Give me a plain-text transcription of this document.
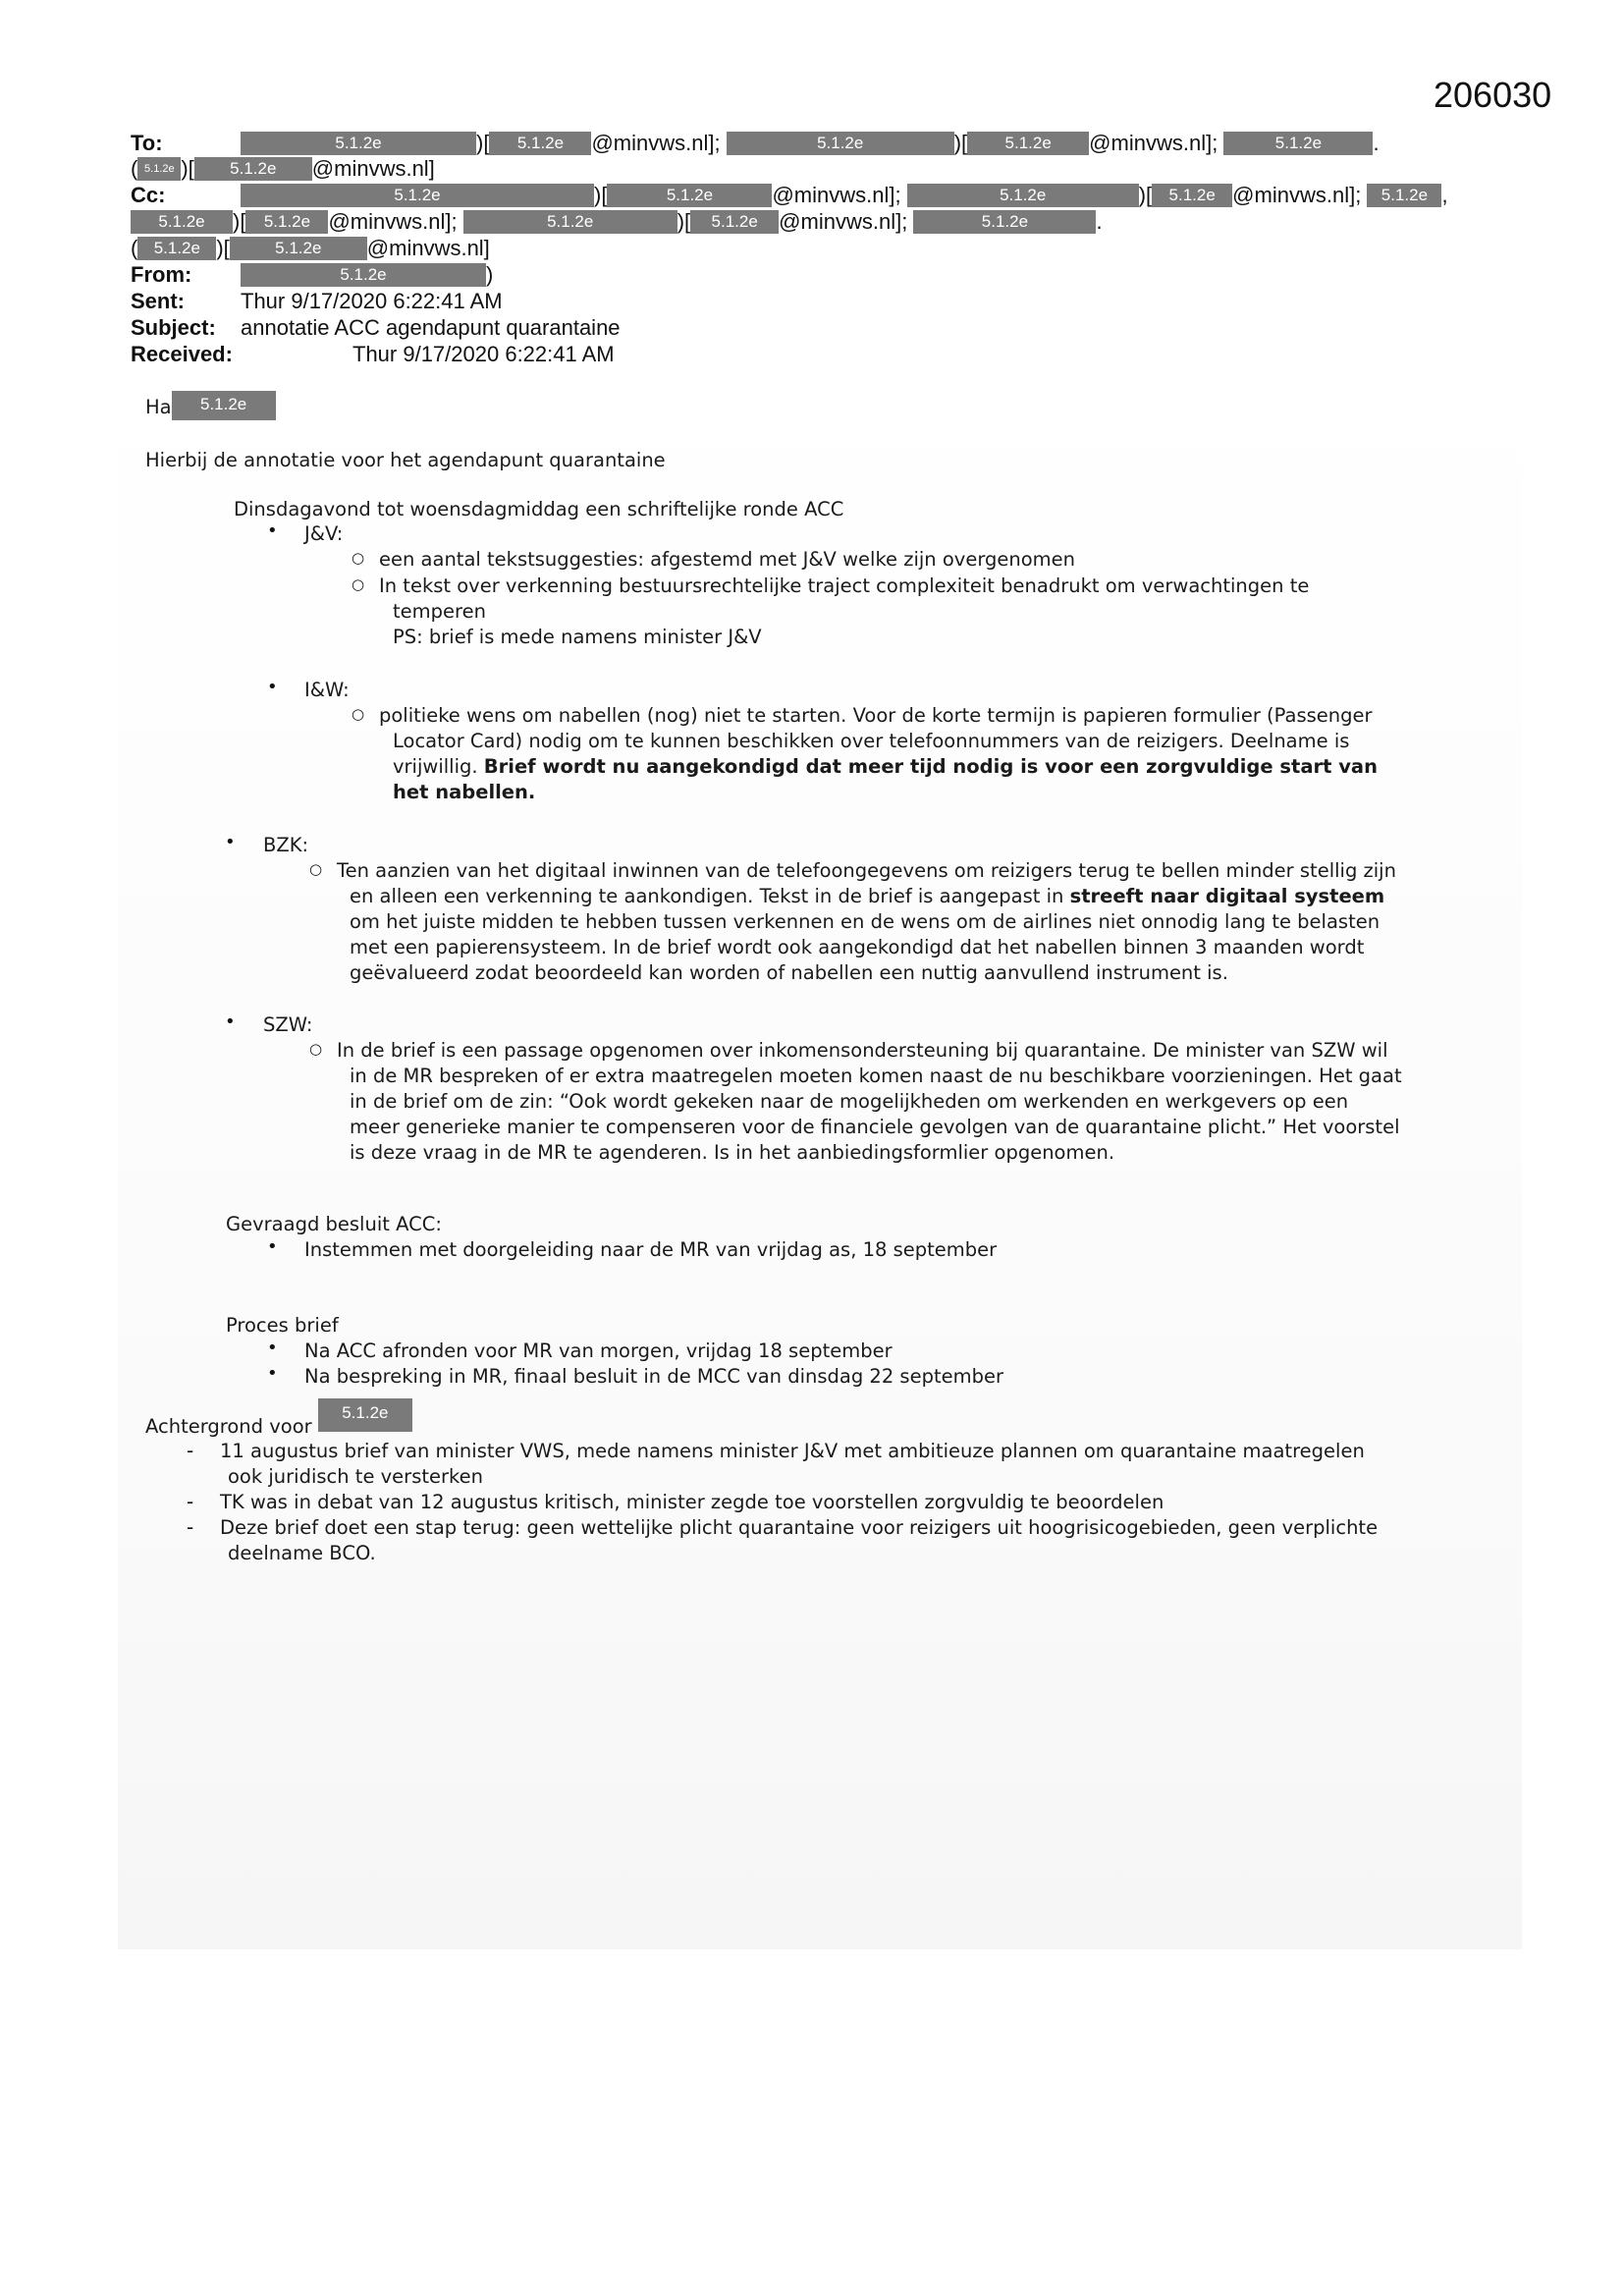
206030
To:	5.1.2e	)[ 5.1.2e @minvws.nl];	5.1.2e	)[ 5.1.2e @minvws.nl];	5.1.2e .
( 5.1.2e )[ 5.1.2e @minvws.nl]
Cc:	5.1.2e	)[	5.1.2e	@minvws.nl];	5.1.2e	)[ 5.1.2e @minvws.nl]; 5.1.2e ,
5.1.2e )[ 5.1.2e @minvws.nl];	5.1.2e	)[ 5.1.2e @minvws.nl];	5.1.2e	.
( 5.1.2e )[	5.1.2e @minvws.nl]
From:	5.1.2e	)
Sent:	Thur 9/17/2020 6:22:41 AM
Subject: annotatie ACC agendapunt quarantaine
Received:	Thur 9/17/2020 6:22:41 AM
Ha 5.1.2e
Hierbij de annotatie voor het agendapunt quarantaine
Dinsdagavond tot woensdagmiddag een schriftelijke ronde ACC
• J&V:
○ een aantal tekstsuggesties: afgestemd met J&V welke zijn overgenomen
○ In tekst over verkenning bestuursrechtelijke traject complexiteit benadrukt om verwachtingen te
temperen
PS: brief is mede namens minister J&V
• I&W:
○ politieke wens om nabellen (nog) niet te starten. Voor de korte termijn is papieren formulier (Passenger
Locator Card) nodig om te kunnen beschikken over telefoonnummers van de reizigers. Deelname is
vrijwillig. Brief wordt nu aangekondigd dat meer tijd nodig is voor een zorgvuldige start van
het nabellen.
• BZK:
○ Ten aanzien van het digitaal inwinnen van de telefoongegevens om reizigers terug te bellen minder stellig zijn
en alleen een verkenning te aankondigen. Tekst in de brief is aangepast in streeft naar digitaal systeem
om het juiste midden te hebben tussen verkennen en de wens om de airlines niet onnodig lang te belasten
met een papierensysteem. In de brief wordt ook aangekondigd dat het nabellen binnen 3 maanden wordt
geëvalueerd zodat beoordeeld kan worden of nabellen een nuttig aanvullend instrument is.
• SZW:
○ In de brief is een passage opgenomen over inkomensondersteuning bij quarantaine. De minister van SZW wil
in de MR bespreken of er extra maatregelen moeten komen naast de nu beschikbare voorzieningen. Het gaat
in de brief om de zin: “Ook wordt gekeken naar de mogelijkheden om werkenden en werkgevers op een
meer generieke manier te compenseren voor de financiele gevolgen van de quarantaine plicht.” Het voorstel
is deze vraag in de MR te agenderen. Is in het aanbiedingsformlier opgenomen.
Gevraagd besluit ACC:
• Instemmen met doorgeleiding naar de MR van vrijdag as, 18 september
Proces brief
• Na ACC afronden voor MR van morgen, vrijdag 18 september
• Na bespreking in MR, finaal besluit in de MCC van dinsdag 22 september
Achtergrond voor 5.1.2e
- 11 augustus brief van minister VWS, mede namens minister J&V met ambitieuze plannen om quarantaine maatregelen
ook juridisch te versterken
- TK was in debat van 12 augustus kritisch, minister zegde toe voorstellen zorgvuldig te beoordelen
- Deze brief doet een stap terug: geen wettelijke plicht quarantaine voor reizigers uit hoogrisicogebieden, geen verplichte
deelname BCO.
